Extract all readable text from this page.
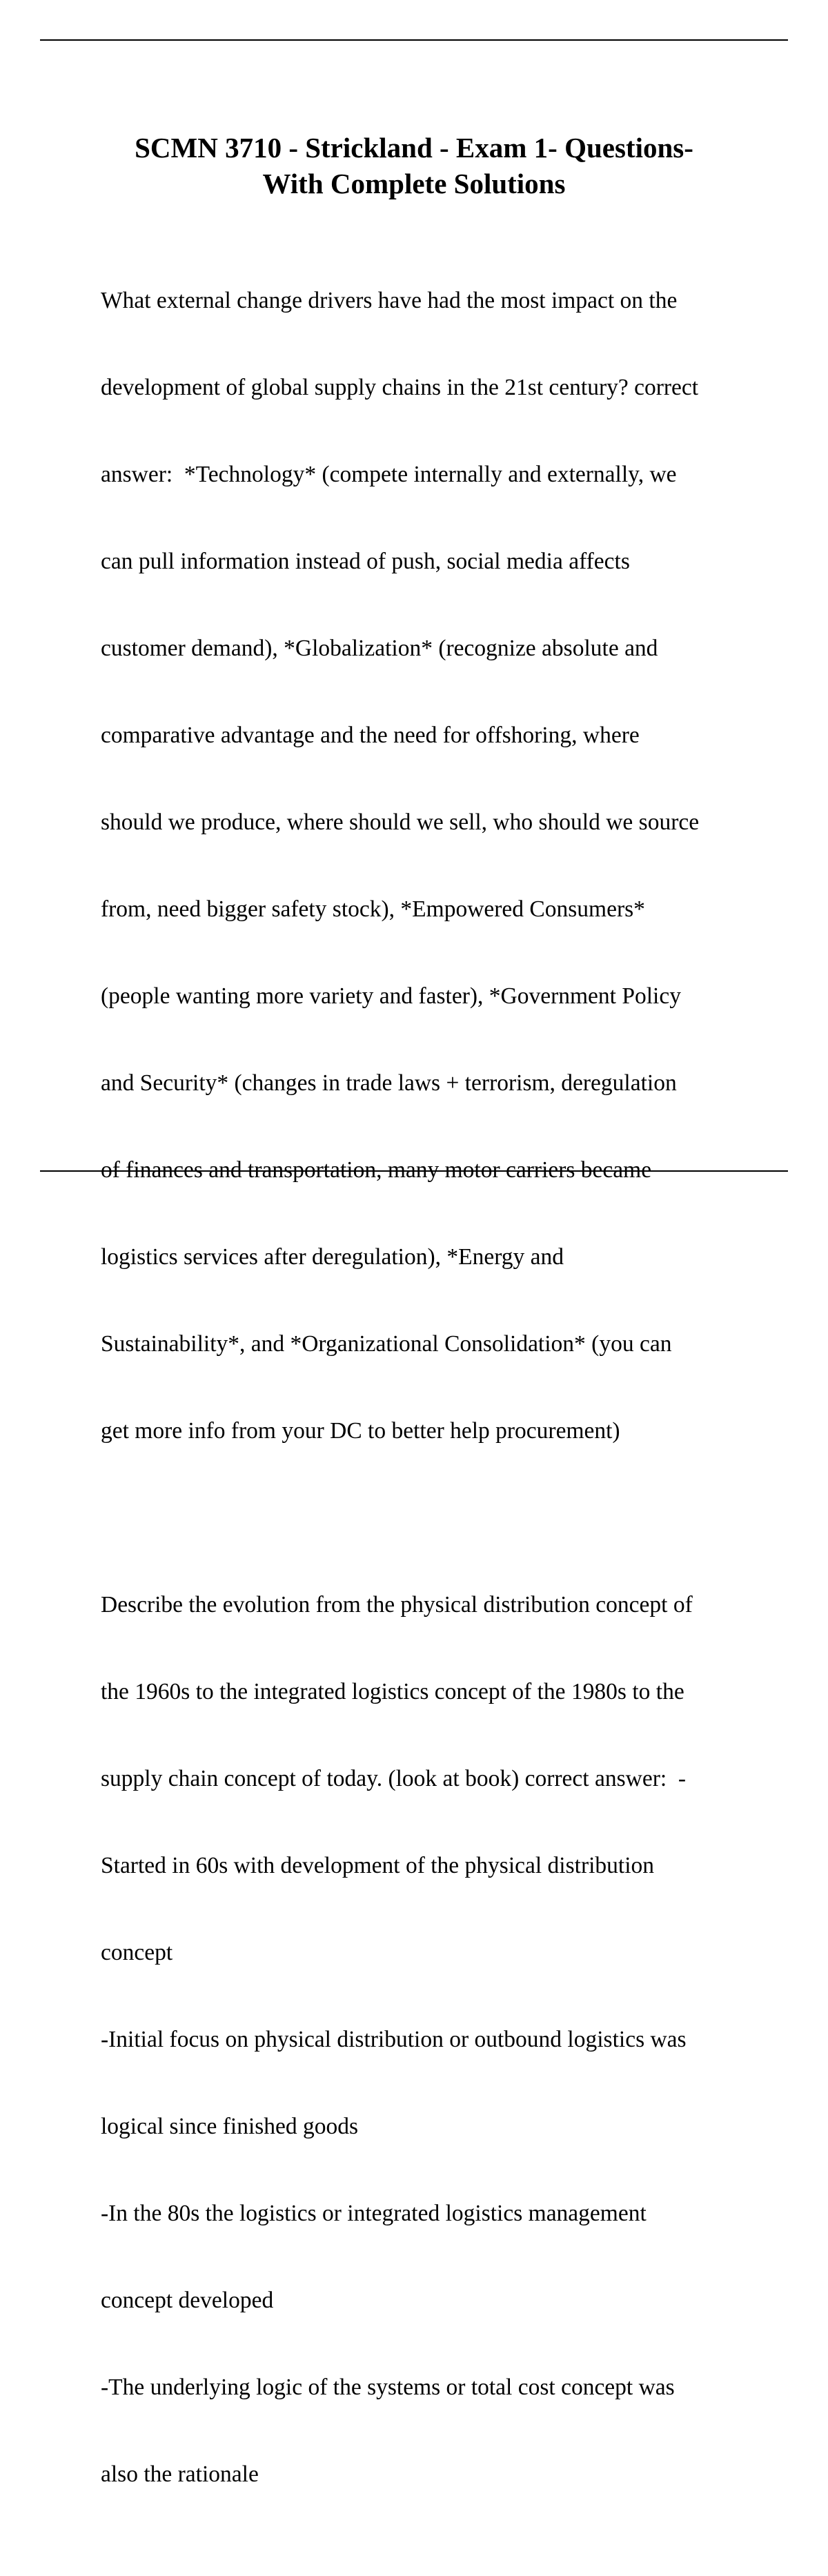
SCMN 3710 - Strickland - Exam 1- Questions-
With Complete Solutions

What external change drivers have had the most impact on the

development of global supply chains in the 21st century? correct

answer:  *Technology* (compete internally and externally, we

can pull information instead of push, social media affects

customer demand), *Globalization* (recognize absolute and

comparative advantage and the need for offshoring, where

should we produce, where should we sell, who should we source

from, need bigger safety stock), *Empowered Consumers*

(people wanting more variety and faster), *Government Policy

and Security* (changes in trade laws + terrorism, deregulation

of finances and transportation, many motor carriers became

logistics services after deregulation), *Energy and

Sustainability*, and *Organizational Consolidation* (you can

get more info from your DC to better help procurement)

Describe the evolution from the physical distribution concept of

the 1960s to the integrated logistics concept of the 1980s to the

supply chain concept of today. (look at book) correct answer:  -

Started in 60s with development of the physical distribution

concept

-Initial focus on physical distribution or outbound logistics was

logical since finished goods

-In the 80s the logistics or integrated logistics management

concept developed

-The underlying logic of the systems or total cost concept was

also the rationale
